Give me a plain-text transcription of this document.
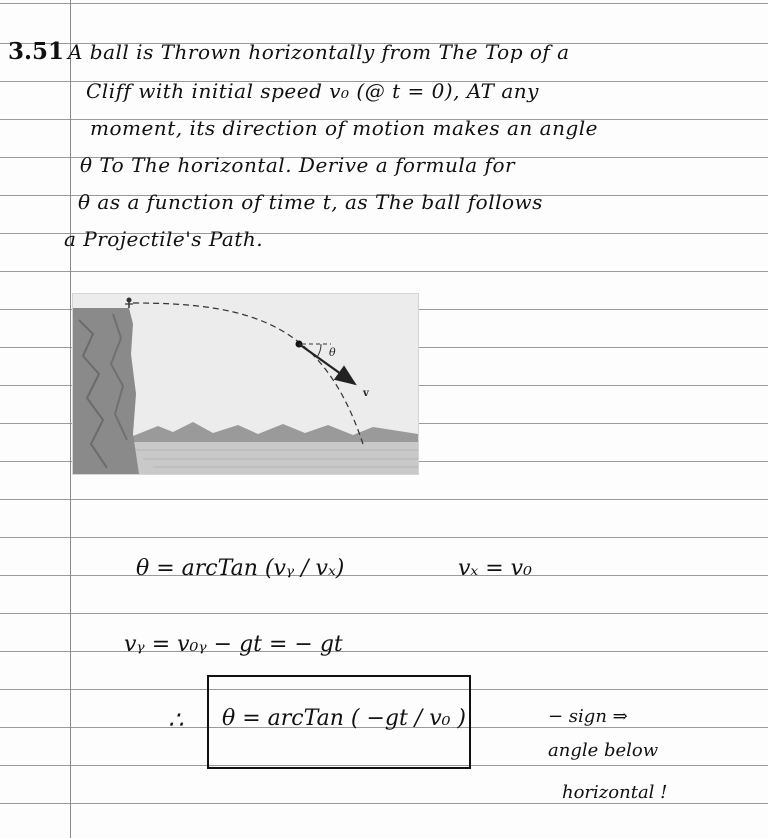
3.51 A ball is Thrown horizontally from The Top of a
Cliff with initial speed v₀ (@ t = 0), AT any
moment, its direction of motion makes an angle
θ To The horizontal. Derive a formula for
θ as a function of time t, as The ball follows
a Projectile's Path.
θ
v
θ = arcTan (vᵧ / vₓ)	vₓ = v₀
vᵧ = v₀ᵧ − gt = − gt
∴ θ = arcTan ( −gt / v₀ )	− sign ⇒
angle below
horizontal !
